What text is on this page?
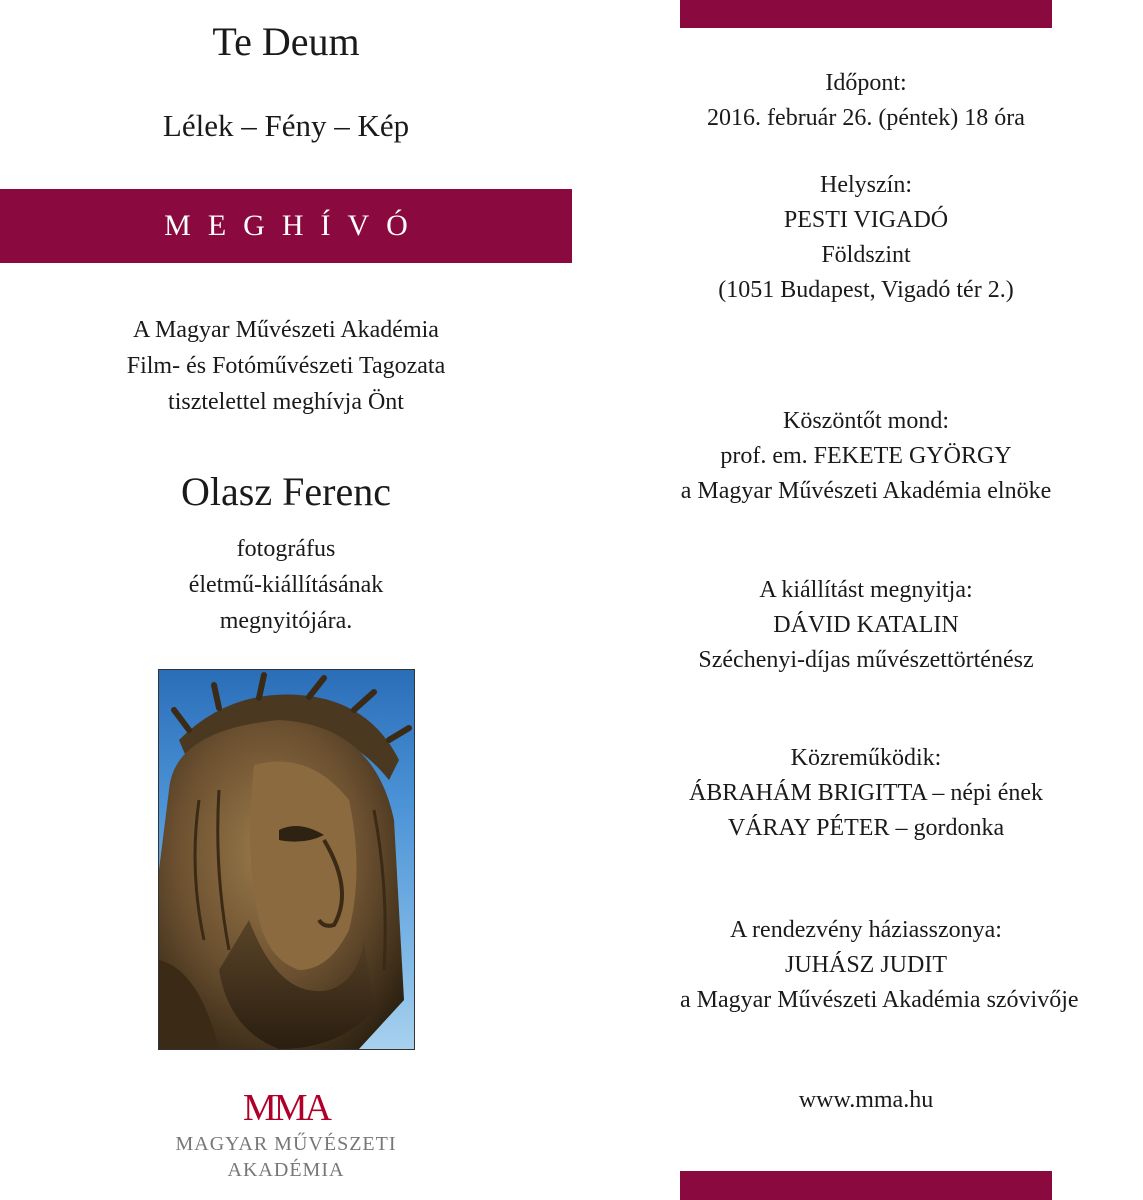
Te Deum
Lélek – Fény – Kép
MEGHÍVÓ
A Magyar Művészeti Akadémia
Film- és Fotóművészeti Tagozata
tisztelettel meghívja Önt
Olasz Ferenc
fotográfus
életmű-kiállításának
megnyitójára.
MMA
MAGYAR MŰVÉSZETI
AKADÉMIA
Időpont:
2016. február 26. (péntek) 18 óra
Helyszín:
PESTI VIGADÓ
Földszint
(1051 Budapest, Vigadó tér 2.)
Köszöntőt mond:
prof. em. FEKETE GYÖRGY
a Magyar Művészeti Akadémia elnöke
A kiállítást megnyitja:
DÁVID KATALIN
Széchenyi-díjas művészettörténész
Közreműködik:
ÁBRAHÁM BRIGITTA – népi ének
VÁRAY PÉTER – gordonka
A rendezvény háziasszonya:
JUHÁSZ JUDIT
a Magyar Művészeti Akadémia szóvivője
www.mma.hu
